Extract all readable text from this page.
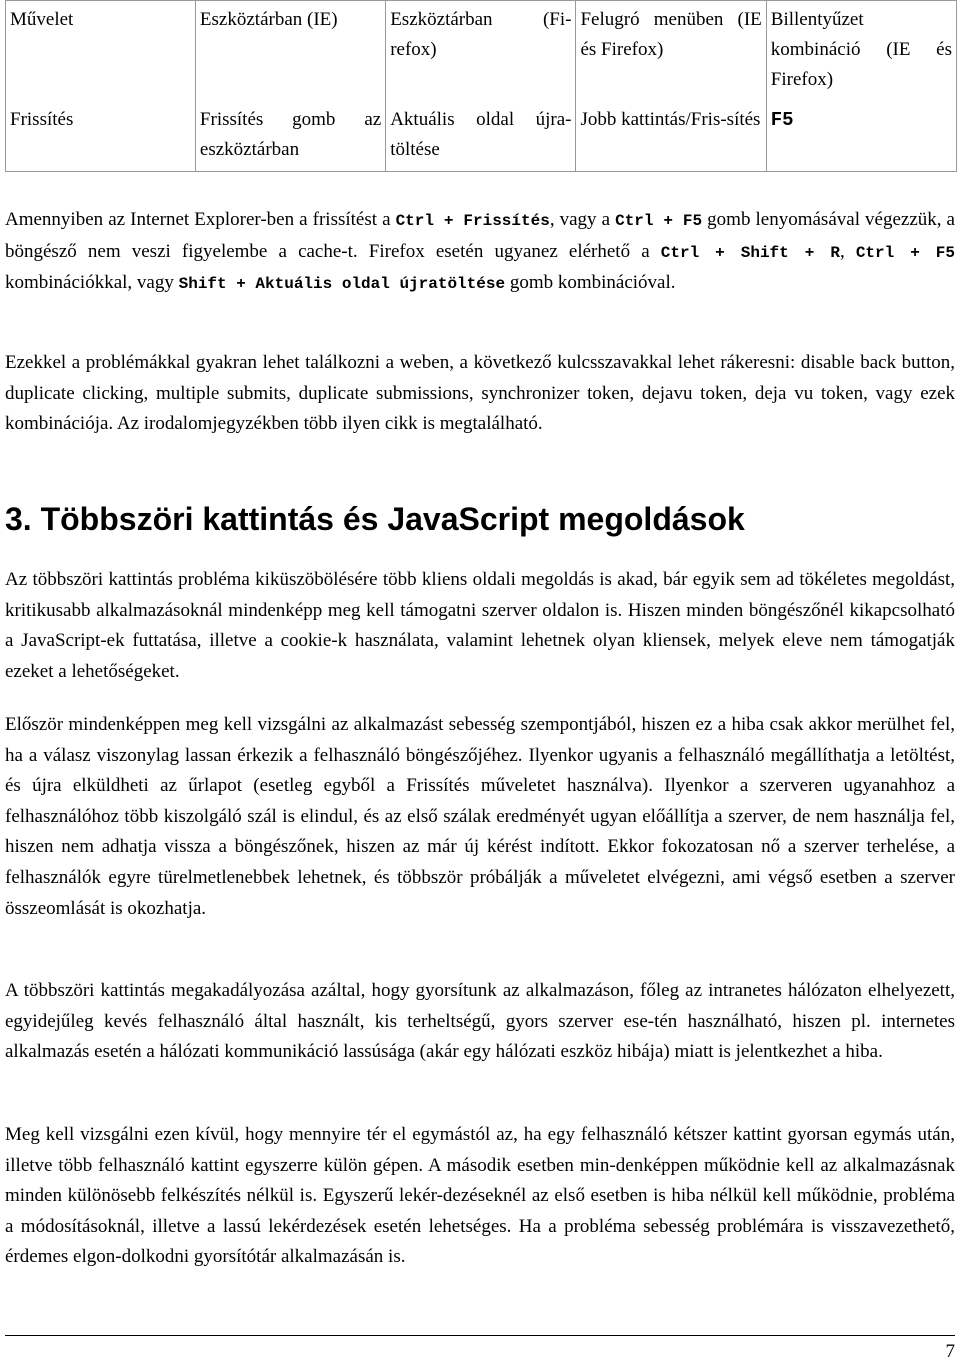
Művelet	Eszköztárban (IE)	Eszköztárban (Fi-refox)	Felugró menüben (IE és Firefox)	Billentyűzet kombináció (IE és Firefox)
Frissítés	Frissítés gomb az eszköztárban	Aktuális oldal újra-töltése	Jobb kattintás/Fris-sítés	F5

Amennyiben az Internet Explorer-ben a frissítést a Ctrl + Frissítés, vagy a Ctrl + F5 gomb lenyomásával végezzük, a böngésző nem veszi figyelembe a cache-t. Firefox esetén ugyanez elérhető a Ctrl + Shift + R, Ctrl + F5 kombinációkkal, vagy Shift + Aktuális oldal újratöltése gomb kombinációval.

Ezekkel a problémákkal gyakran lehet találkozni a weben, a következő kulcsszavakkal lehet rákeresni: disable back button, duplicate clicking, multiple submits, duplicate submissions, synchronizer token, dejavu token, deja vu token, vagy ezek kombinációja. Az irodalomjegyzékben több ilyen cikk is megtalálható.

3. Többszöri kattintás és JavaScript megoldások

Az többszöri kattintás probléma kiküszöbölésére több kliens oldali megoldás is akad, bár egyik sem ad tökéletes megoldást, kritikusabb alkalmazásoknál mindenképp meg kell támogatni szerver oldalon is. Hiszen minden böngészőnél kikapcsolható a JavaScript-ek futtatása, illetve a cookie-k használata, valamint lehetnek olyan kliensek, melyek eleve nem támogatják ezeket a lehetőségeket.

Először mindenképpen meg kell vizsgálni az alkalmazást sebesség szempontjából, hiszen ez a hiba csak akkor merülhet fel, ha a válasz viszonylag lassan érkezik a felhasználó böngészőjéhez. Ilyenkor ugyanis a felhasználó megállíthatja a letöltést, és újra elküldheti az űrlapot (esetleg egyből a Frissítés műveletet használva). Ilyenkor a szerveren ugyanahhoz a felhasználóhoz több kiszolgáló szál is elindul, és az első szálak eredményét ugyan előállítja a szerver, de nem használja fel, hiszen nem adhatja vissza a böngészőnek, hiszen az már új kérést indított. Ekkor fokozatosan nő a szerver terhelése, a felhasználók egyre türelmetlenebbek lehetnek, és többször próbálják a műveletet elvégezni, ami végső esetben a szerver összeomlását is okozhatja.

A többszöri kattintás megakadályozása azáltal, hogy gyorsítunk az alkalmazáson, főleg az intranetes hálózaton elhelyezett, egyidejűleg kevés felhasználó által használt, kis terheltségű, gyors szerver ese-tén használható, hiszen pl. internetes alkalmazás esetén a hálózati kommunikáció lassúsága (akár egy hálózati eszköz hibája) miatt is jelentkezhet a hiba.

Meg kell vizsgálni ezen kívül, hogy mennyire tér el egymástól az, ha egy felhasználó kétszer kattint gyorsan egymás után, illetve több felhasználó kattint egyszerre külön gépen. A második esetben min-denképpen működnie kell az alkalmazásnak minden különösebb felkészítés nélkül is. Egyszerű lekér-dezéseknél az első esetben is hiba nélkül kell működnie, probléma a módosításoknál, illetve a lassú lekérdezések esetén lehetséges. Ha a probléma sebesség problémára is visszavezethető, érdemes elgon-dolkodni gyorsítótár alkalmazásán is.

7
